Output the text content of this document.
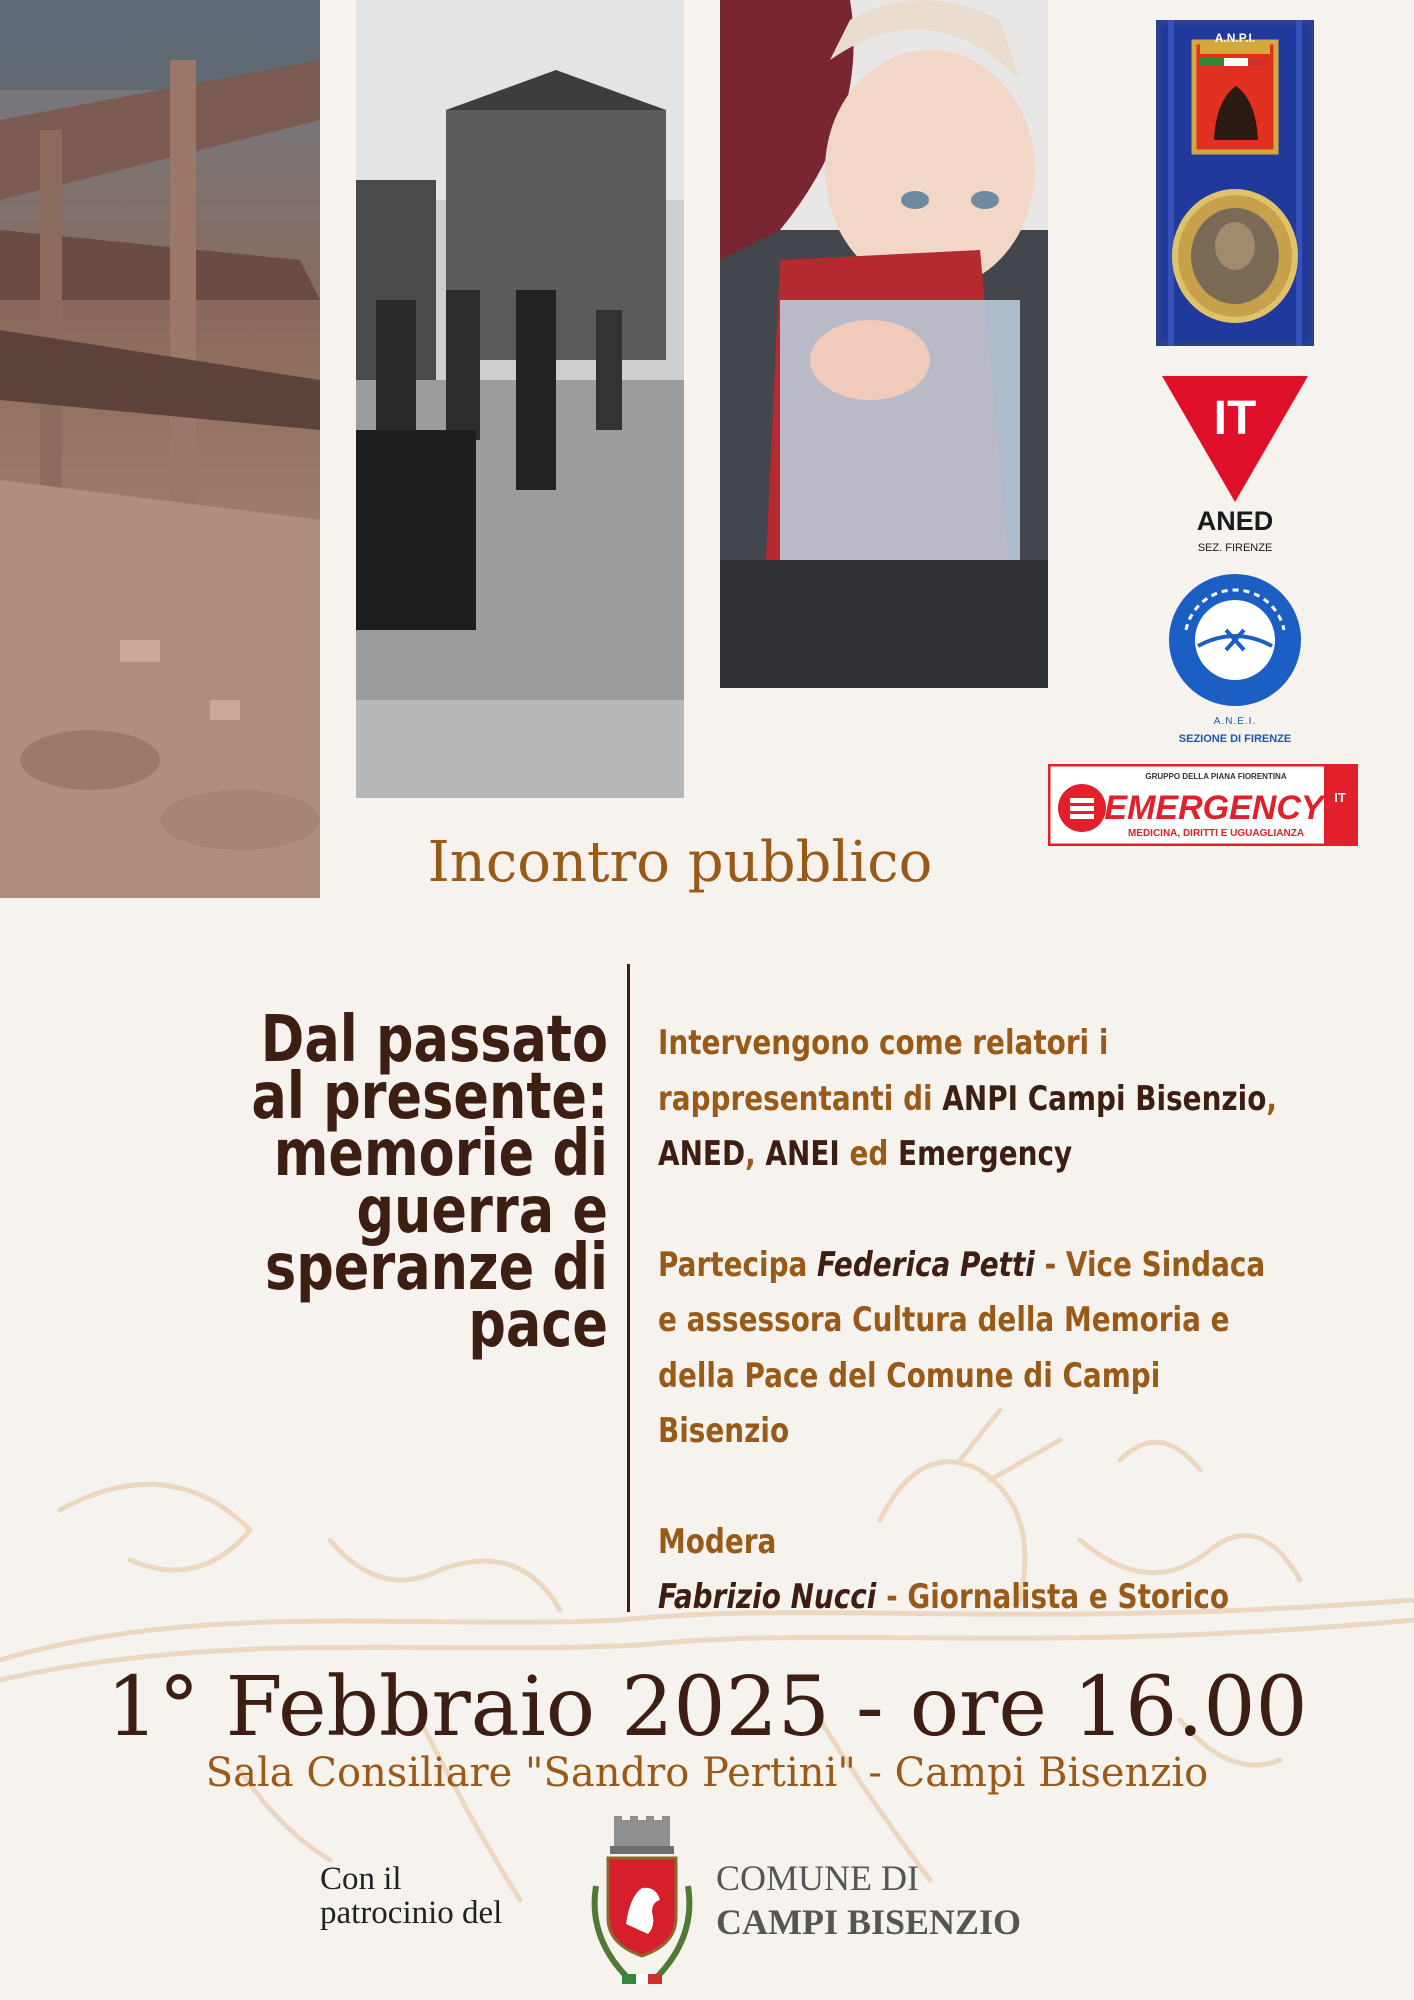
A.N.P.I.
IT
ANED
SEZ. FIRENZE
A.N.E.I.
SEZIONE DI FIRENZE
GRUPPO DELLA PIANA FIORENTINA
EMERGENCY
MEDICINA, DIRITTI E UGUAGLIANZA
IT
Incontro pubblico
Dal passato
al presente:
memorie di
guerra e
speranze di
pace
Intervengono come relatori i
rappresentanti di ANPI Campi Bisenzio,
ANED, ANEI ed Emergency
Partecipa Federica Petti - Vice Sindaca
e assessora Cultura della Memoria e
della Pace del Comune di Campi
Bisenzio
Modera
Fabrizio Nucci - Giornalista e Storico
1° Febbraio 2025 - ore 16.00
Sala Consiliare "Sandro Pertini" - Campi Bisenzio
Con il
patrocinio del
COMUNE DI
CAMPI BISENZIO
